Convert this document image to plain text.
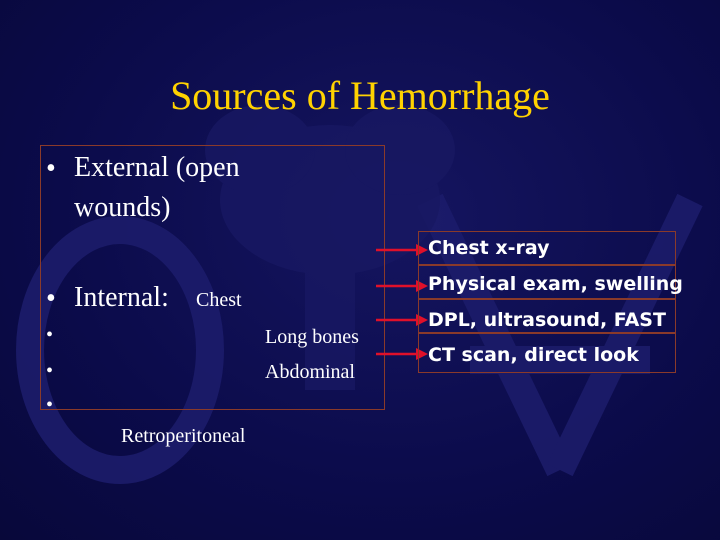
Sources of Hemorrhage
• External (open
wounds)
• Internal: Chest
•	Long bones
•	Abdominal
•
Retroperitoneal
Chest x-ray
Physical exam, swelling
DPL, ultrasound, FAST
CT scan, direct look
